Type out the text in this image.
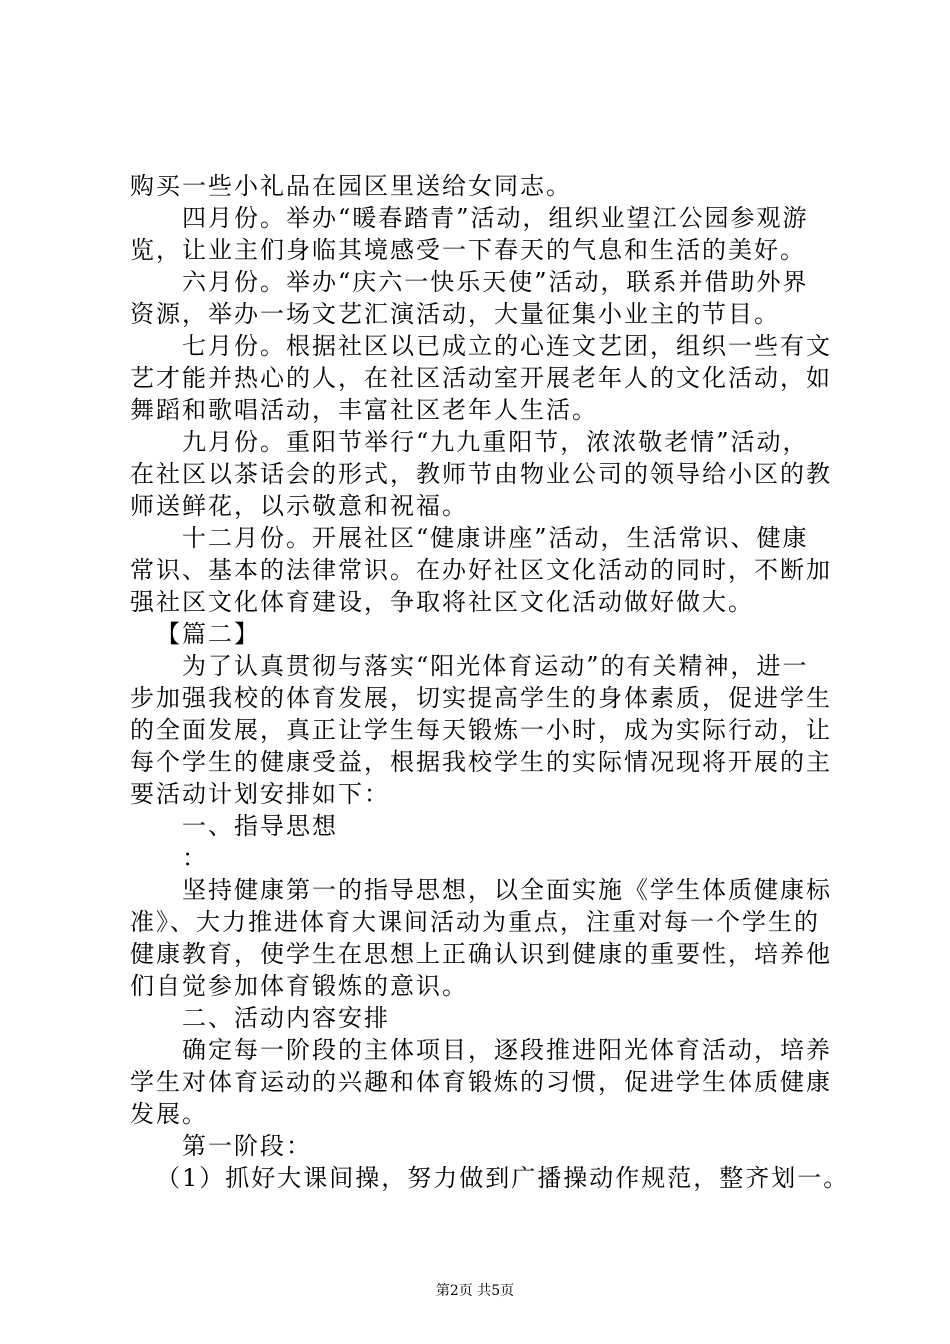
购买一些小礼品在园区里送给女同志。
四月份。举办“暖春踏青”活动，组织业望江公园参观游
览，让业主们身临其境感受一下春天的气息和生活的美好。
六月份。举办“庆六一快乐天使”活动，联系并借助外界
资源，举办一场文艺汇演活动，大量征集小业主的节目。
七月份。根据社区以已成立的心连文艺团，组织一些有文
艺才能并热心的人，在社区活动室开展老年人的文化活动，如
舞蹈和歌唱活动，丰富社区老年人生活。
九月份。重阳节举行“九九重阳节，浓浓敬老情”活动，
在社区以茶话会的形式，教师节由物业公司的领导给小区的教
师送鲜花，以示敬意和祝福。
十二月份。开展社区“健康讲座”活动，生活常识、健康
常识、基本的法律常识。在办好社区文化活动的同时，不断加
强社区文化体育建设，争取将社区文化活动做好做大。
【篇二】
为了认真贯彻与落实“阳光体育运动”的有关精神，进一
步加强我校的体育发展，切实提高学生的身体素质，促进学生
的全面发展，真正让学生每天锻炼一小时，成为实际行动，让
每个学生的健康受益，根据我校学生的实际情况现将开展的主
要活动计划安排如下：
一、指导思想
：
坚持健康第一的指导思想，以全面实施《学生体质健康标
准》、大力推进体育大课间活动为重点，注重对每一个学生的
健康教育，使学生在思想上正确认识到健康的重要性，培养他
们自觉参加体育锻炼的意识。
二、活动内容安排
确定每一阶段的主体项目，逐段推进阳光体育活动，培养
学生对体育运动的兴趣和体育锻炼的习惯，促进学生体质健康
发展。
第一阶段：
（1）抓好大课间操，努力做到广播操动作规范，整齐划一。
第2页 共5页
